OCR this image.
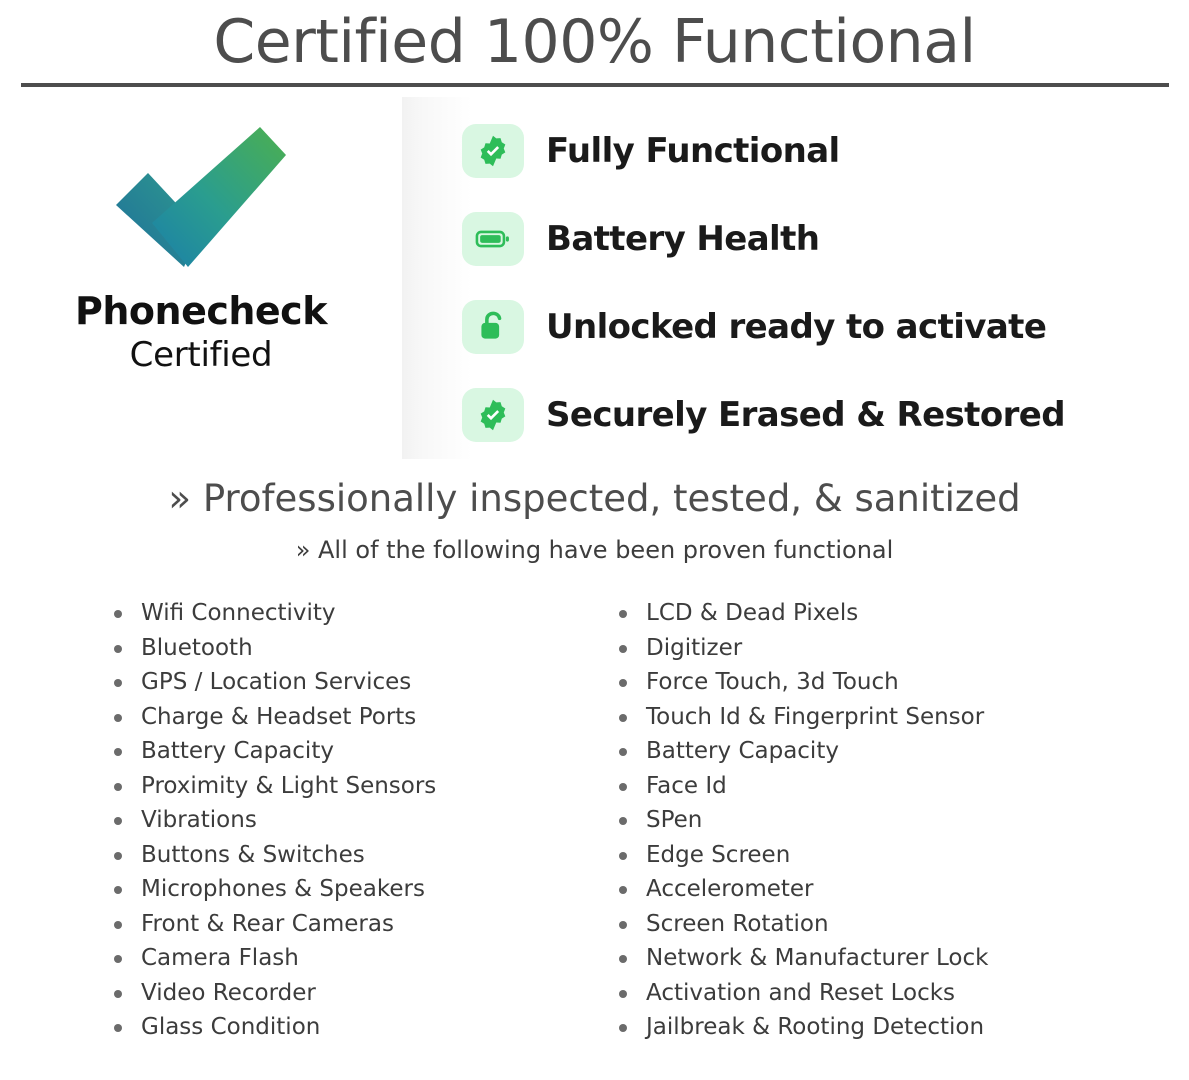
Certified 100% Functional
Phonecheck
Certified
Fully Functional
Battery Health
Unlocked ready to activate
Securely Erased & Restored
» Professionally inspected, tested, & sanitized
» All of the following have been proven functional
Wifi Connectivity
Bluetooth
GPS / Location Services
Charge & Headset Ports
Battery Capacity
Proximity & Light Sensors
Vibrations
Buttons & Switches
Microphones & Speakers
Front & Rear Cameras
Camera Flash
Video Recorder
Glass Condition
LCD & Dead Pixels
Digitizer
Force Touch, 3d Touch
Touch Id & Fingerprint Sensor
Battery Capacity
Face Id
SPen
Edge Screen
Accelerometer
Screen Rotation
Network & Manufacturer Lock
Activation and Reset Locks
Jailbreak & Rooting Detection
